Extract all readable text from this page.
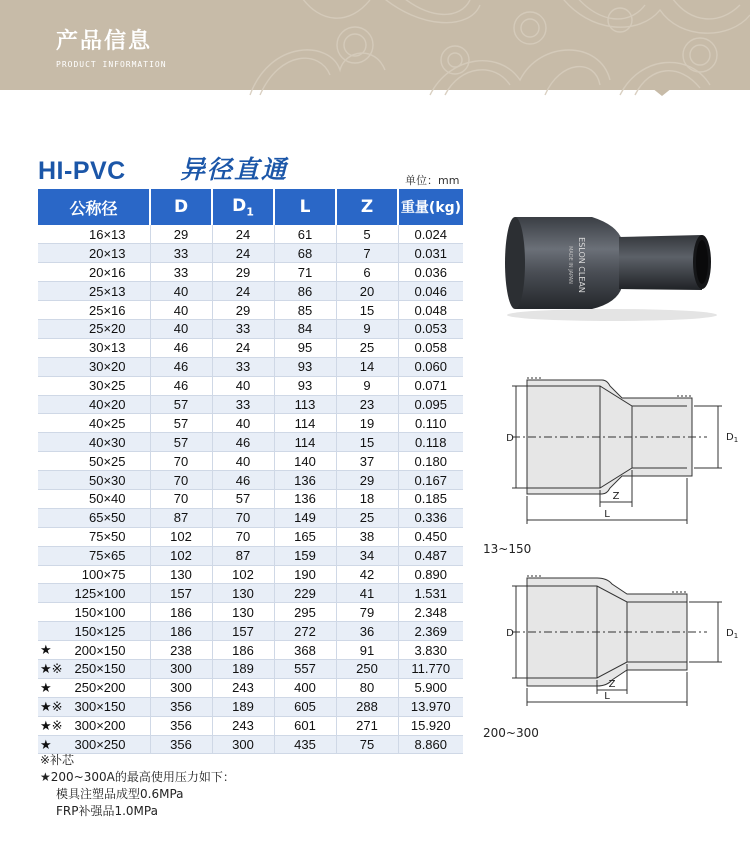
产品信息
PRODUCT INFORMATION
HI-PVC 异径直通	单位：mm
公称径	D	$D_1$	L	Z	重量(kg)
16×13	29	24	61	5	0.024
20×13	33	24	68	7	0.031
20×16	33	29	71	6	0.036
25×13	40	24	86	20	0.046
25×16	40	29	85	15	0.048
25×20	40	33	84	9	0.053
30×13	46	24	95	25	0.058
30×20	46	33	93	14	0.060
30×25	46	40	93	9	0.071
40×20	57	33	113	23	0.095
40×25	57	40	114	19	0.110
40×30	57	46	114	15	0.118
50×25	70	40	140	37	0.180
50×30	70	46	136	29	0.167
50×40	70	57	136	18	0.185
65×50	87	70	149	25	0.336
75×50	102	70	165	38	0.450
75×65	102	87	159	34	0.487
100×75	130	102	190	42	0.890
125×100	157	130	229	41	1.531
150×100	186	130	295	79	2.348
150×125	186	157	272	36	2.369

★ 200×150	238	186	368	91	3.830

★※ 250×150	300	189	557	250	11.770

★ 250×200	300	243	400	80	5.900

★※ 300×150	356	189	605	288	13.970

★※ 300×200	356	243	601	271	15.920

★ 300×250	356	300	435	75	8.860
※补芯
★200~300A的最高使用压力如下：
模具注塑品成型0.6MPa
FRP补强品1.0MPa
ESLON CLEAN
MADE IN JAPAN
D	$D_1$
Z
L
13~150
D	$D_1$
Z
L
200~300
